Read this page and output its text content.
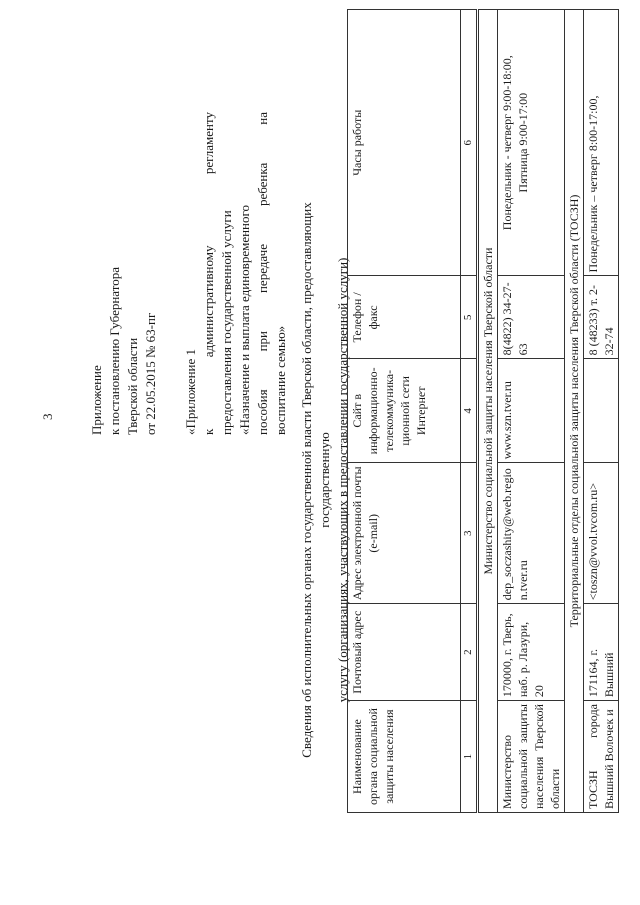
3	Приложение к постановлению Губернатора Тверской области от 22.05.2015 № 63-пг «Приложение 1 к административному регламенту предоставления государственной услуги «Назначение и выплата единовременного пособия при передаче ребенка на воспитание семью» Сведения об исполнительных органах государственной власти Тверской области, предоставляющих государственную услугу (организациях, участвующих в предоставлении государственной услуги)
Наименование органа социальной защиты населения	Почтовый адрес	Адрес электронной почты (e-mail)	Сайт в информационно-телекоммуника-ционной сети Интернет	Телефон / факс	Часы работы
1	2	3	4	5	6
Министерство социальной защиты населения Тверской области					
Министерство социальной защиты населения Тверской области	170000, г. Тверь, наб. р. Лазури, 20	dep_soczashity@web.region.tver.ru	www.szn.tver.ru	8(4822) 34-27-63	Понедельник - четверг 9:00-18:00, Пятница 9:00-17:00

Территориальные отделы социальной защиты населения Тверской области (ТОСЗН)					
ТОСЗН города Вышний Волочек и	171164, г. Вышний	<toszn@vvol.tvcom.ru>		8 (48233) т. 2-32-74	Понедельник – четверг 8:00-17:00,
